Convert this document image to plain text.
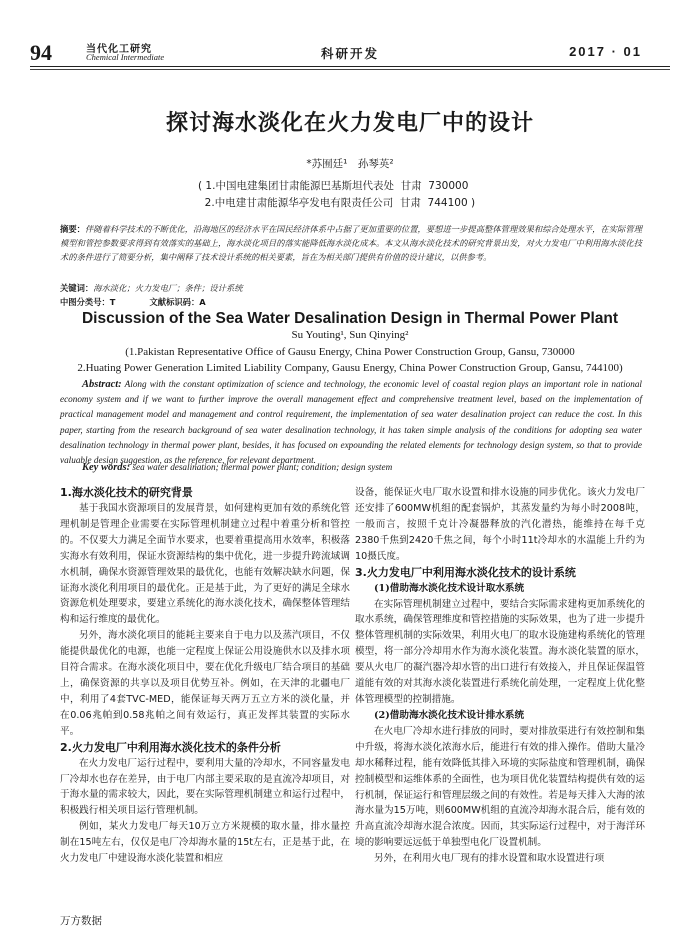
94	当代化工研究
Chemical Intermediate	科研开发	2017 · 01
探讨海水淡化在火力发电厂中的设计
*苏囿廷¹　孙琴英²
( 1.中国电建集团甘肃能源巴基斯坦代表处  甘肃  730000
2.中电建甘肃能源华亭发电有限责任公司  甘肃  744100 )
摘要：伴随着科学技术的不断优化，沿海地区的经济水平在国民经济体系中占据了更加重要的位置，要想进一步提高整体管理效果和综合处理水平，在实际管理模型和管控参数要求得到有效落实的基础上，海水淡化项目的落实能降低海水淡化成本。本文从海水淡化技术的研究背景出发，对火力发电厂中利用海水淡化技术的条件进行了简要分析，集中阐释了技术设计系统的相关要素，旨在为相关部门提供有价值的设计建议，以供参考。
关键词：海水淡化；火力发电厂；条件；设计系统
中图分类号：T	文献标识码：A
Discussion of the Sea Water Desalination Design in Thermal Power Plant
Su Youting¹, Sun Qinying²
(1.Pakistan Representative Office of Gausu Energy, China Power Construction Group, Gansu, 730000
2.Huating Power Generation Limited Liability Company, Gausu Energy, China Power Construction Group, Gansu, 744100)
Abstract: Along with the constant optimization of science and technology, the economic level of coastal region plays an important role in national economy system and if we want to further improve the overall management effect and comprehensive treatment level, based on the implementation of practical management model and management and control requirement, the implementation of sea water desalination project can reduce the cost. In this paper, starting from the research background of sea water desalination technology, it has taken simple analysis of the conditions for adopting sea water desalination technology in thermal power plant, besides, it has focused on expounding the related elements for technology design system, so that to provide valuable design suggestion, as the reference, for relevant department.
Key words: sea water desalination; thermal power plant; condition; design system
1.海水淡化技术的研究背景

基于我国水资源项目的发展背景，如何建构更加有效的系统化管理机制是管理企业需要在实际管理机制建立过程中着重分析和管控的。不仅要大力满足全面节水要求，也要着重提高用水效率，积极落实海水有效利用，保证水资源结构的集中优化，进一步提升跨流域调水机制，确保水资源管理效果的最优化，也能有效解决缺水问题，保证海水淡化利用项目的最优化。正是基于此，为了更好的满足全球水资源危机处理要求，要建立系统化的海水淡化技术，确保整体管理结构和运行维度的最优化。

另外，海水淡化项目的能耗主要来自于电力以及蒸汽项目，不仅能提供最优化的电源，也能一定程度上保证公用设施供水以及排水项目符合需求。在海水淡化项目中，要在优化升级电厂结合项目的基础上，确保资源的共享以及项目优势互补。例如，在天津的北疆电厂中，利用了4套TVC-MED，能保证每天两万五立方米的淡化量，并在0.06兆帕到0.58兆帕之间有效运行，真正发挥其装置的实际水平。

2.火力发电厂中利用海水淡化技术的条件分析

在火力发电厂运行过程中，要利用大量的冷却水，不同容量发电厂冷却水也存在差异，由于电厂内部主要采取的是直流冷却项目，对于海水量的需求较大，因此，要在实际管理机制建立和运行过程中，积极践行相关项目运行管理机制。

例如，某火力发电厂每天10万立方米规模的取水量，排水量控制在15吨左右，仅仅是电厂冷却海水量的15t左右，正是基于此，在火力发电厂中建设海水淡化装置和相应

设备，能保证火电厂取水设置和排水设施的同步优化。该火力发电厂还安排了600MW机组的配套锅炉，其蒸发量约为每小时2008吨，一般而言，按照千克计冷凝器释放的汽化潜热，能维持在每千克2380千焦到2420千焦之间，每个小时11t冷却水的水温能上升约为10摄氏度。

3.火力发电厂中利用海水淡化技术的设计系统
(1)借助海水淡化技术设计取水系统

在实际管理机制建立过程中，要结合实际需求建构更加系统化的取水系统，确保管理维度和管控措施的实际效果，也为了进一步提升整体管理机制的实际效果，利用火电厂的取水设施建构系统化的管理模型，将一部分冷却用水作为海水淡化装置。海水淡化装置的原水，要从火电厂的凝汽器冷却水管的出口进行有效接入，并且保证保温管道能有效的对其海水淡化装置进行系统化前处理，一定程度上优化整体管理模型的控制措施。

(2)借助海水淡化技术设计排水系统

在火电厂冷却水进行排放的同时，要对排放渠进行有效控制和集中升级，将海水淡化浓海水后，能进行有效的排入操作。借助大量冷却水稀释过程，能有效降低其排入环境的实际盐度和管理机制，确保控制模型和运维体系的全面性，也为项目优化装置结构提供有效的运行机制，保证运行和管理层级之间的有效性。若是每天排入大海的浓海水量为15万吨，则600MW机组的直流冷却海水混合后，能有效的升高直流冷却海水混合浓度。因而，其实际运行过程中，对于海洋环境的影响要远远低于单独型电化厂设置机制。

另外，在利用火电厂现有的排水设置和取水设置进行项

万方数据
